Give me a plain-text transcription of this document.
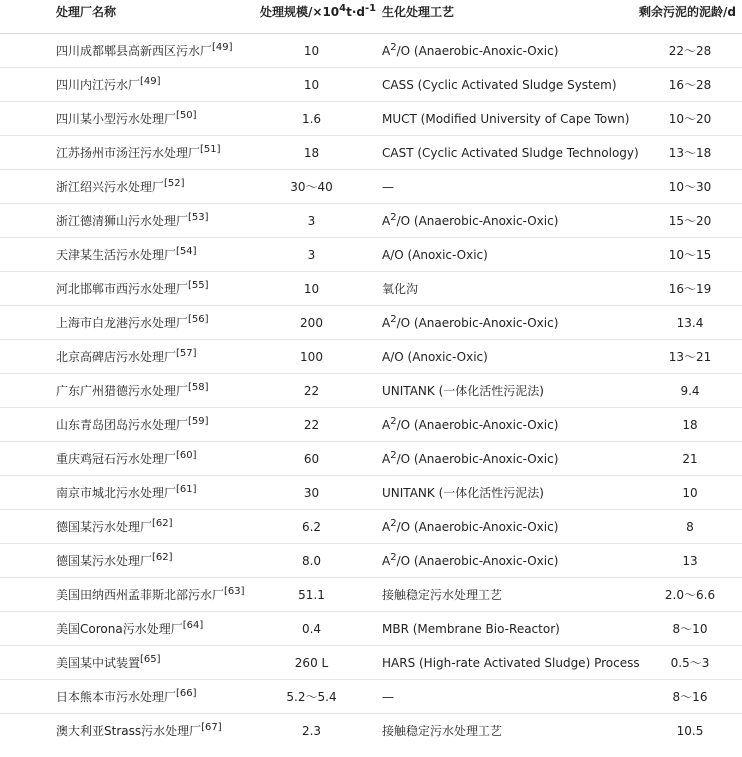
处理厂名称	处理规模$/\times 10^4t\cdot d^{-1}$	生化处理工艺	剩余污泥的泥龄/d
四川成都郫县高新西区污水厂[49]	10	$A^2/O$ (Anaerobic-Anoxic-Oxic)	22～28
四川内江污水厂[49]	10	CASS (Cyclic Activated Sludge System)	16～28
四川某小型污水处理厂[50]	1.6	MUCT (Modified University of Cape Town)	10～20
江苏扬州市汤汪污水处理厂[51]	18	CAST (Cyclic Activated Sludge Technology)	13～18
浙江绍兴污水处理厂[52]	30～40	—	10～30
浙江德清狮山污水处理厂[53]	3	$A^2/O$ (Anaerobic-Anoxic-Oxic)	15～20
天津某生活污水处理厂[54]	3	A/O (Anoxic-Oxic)	10～15
河北邯郸市西污水处理厂[55]	10	氧化沟	16～19
上海市白龙港污水处理厂[56]	200	$A^2/O$ (Anaerobic-Anoxic-Oxic)	13.4
北京高碑店污水处理厂[57]	100	A/O (Anoxic-Oxic)	13～21
广东广州猎德污水处理厂[58]	22	UNITANK (一体化活性污泥法)	9.4
山东青岛团岛污水处理厂[59]	22	$A^2/O$ (Anaerobic-Anoxic-Oxic)	18
重庆鸡冠石污水处理厂[60]	60	$A^2/O$ (Anaerobic-Anoxic-Oxic)	21
南京市城北污水处理厂[61]	30	UNITANK (一体化活性污泥法)	10
德国某污水处理厂[62]	6.2	$A^2/O$ (Anaerobic-Anoxic-Oxic)	8
德国某污水处理厂[62]	8.0	$A^2/O$ (Anaerobic-Anoxic-Oxic)	13
美国田纳西州孟菲斯北部污水厂[63]	51.1	接触稳定污水处理工艺	2.0～6.6
美国Corona污水处理厂[64]	0.4	MBR (Membrane Bio-Reactor)	8～10
美国某中试装置[65]	260 L	HARS (High-rate Activated Sludge) Process	0.5～3
日本熊本市污水处理厂[66]	5.2～5.4	—	8～16
澳大利亚Strass污水处理厂[67]	2.3	接触稳定污水处理工艺	10.5
